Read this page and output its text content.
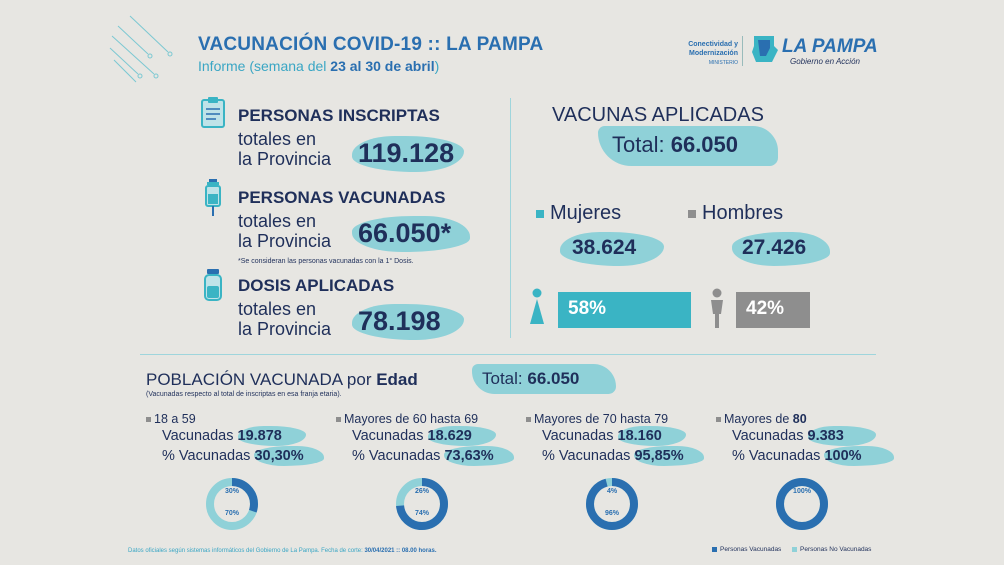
VACUNACIÓN COVID-19 :: LA PAMPA
Informe (semana del 23 al 30 de abril)
Conectividad y Modernización
MINISTERIO
LA PAMPA
Gobierno en Acción
PERSONAS INSCRIPTAS
totales en
la Provincia 119.128
PERSONAS VACUNADAS
totales en
la Provincia 66.050*
*Se consideran las personas vacunadas con la 1° Dosis.
DOSIS APLICADAS
totales en
la Provincia 78.198
VACUNAS APLICADAS
Total: 66.050
Mujeres	Hombres
38.624	27.426
58%	42%
POBLACIÓN VACUNADA por Edad	Total: 66.050
(Vacunadas respecto al total de inscriptas en esa franja etaria).
18 a 59
Vacunadas 19.878
% Vacunadas 30,30%
30%
70%
Mayores de 60 hasta 69
Vacunadas 18.629
% Vacunadas 73,63%
26%
74%
Mayores de 70 hasta 79
Vacunadas 18.160
% Vacunadas 95,85%
4%
96%
Mayores de 80
Vacunadas 9.383
% Vacunadas 100%
100%
Datos oficiales según sistemas informáticos del Gobierno de La Pampa. Fecha de corte: 30/04/2021 :: 08.00 horas.	Personas Vacunadas	Personas No Vacunadas
